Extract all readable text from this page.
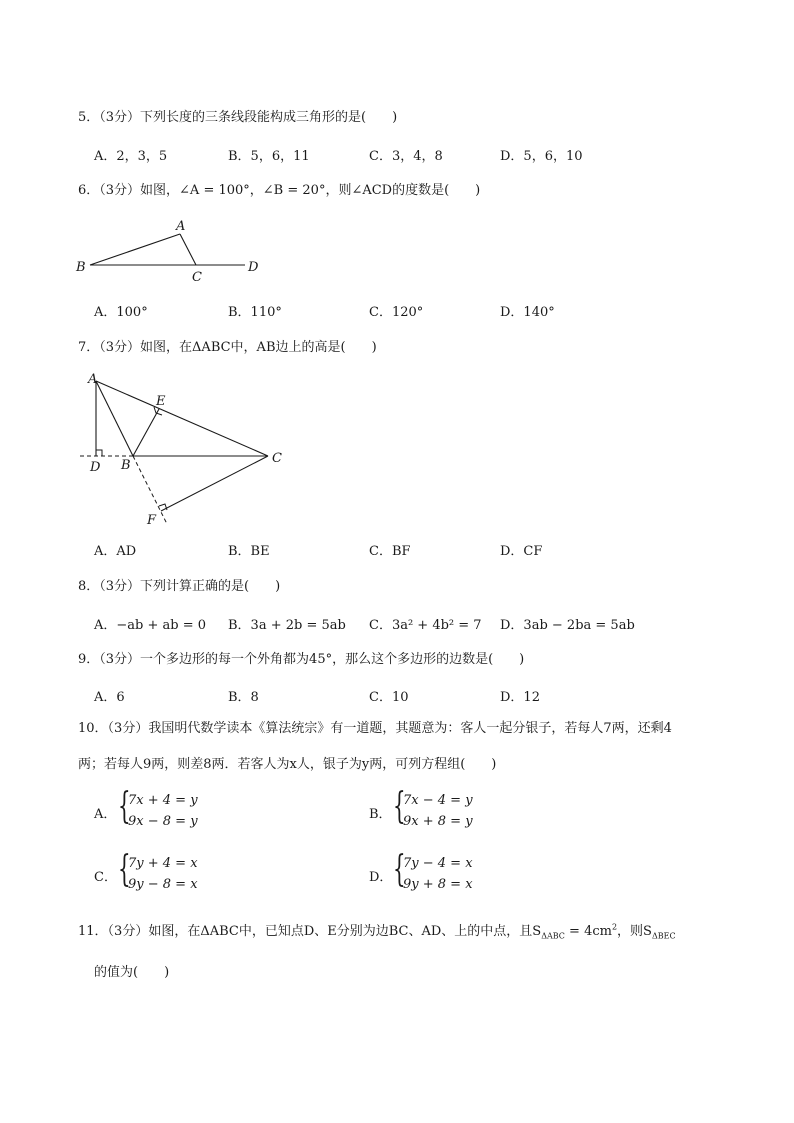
5．（3分）下列长度的三条线段能构成三角形的是(　　)
A．2，3，5	B．5，6，11	C．3，4，8	D．5，6，10
6．（3分）如图，∠A = 100°，∠B = 20°，则∠ACD的度数是(　　)
A
B
C
D
A．100°	B．110°	C．120°	D．140°
7．（3分）如图，在ΔABC中，AB边上的高是(　　)
A
E
D B	C
F
A．AD	B．BE	C．BF	D．CF
8．（3分）下列计算正确的是(　　)
A．−ab + ab = 0 B．3a + 2b = 5ab C．3a² + 4b² = 7 D．3ab − 2ba = 5ab
9．（3分）一个多边形的每一个外角都为45°，那么这个多边形的边数是(　　)
A．6	B．8	C．10	D．12
10．（3分）我国明代数学读本《算法统宗》有一道题，其题意为：客人一起分银子，若每人7两，还剩4
两；若每人9两，则差8两．若客人为x人，银子为y两，可列方程组(　　)
A． {
7x + 4 = y
9x − 8 = y	B． {
7x − 4 = y
9x + 8 = y
C． {
7y + 4 = x
9y − 8 = x	D． {
7y − 4 = x
9y + 8 = x
11．（3分）如图，在ΔABC中，已知点D、E分别为边BC、AD、上的中点，且$S_{\Delta ABC} = 4cm^2$，则$S_{\Delta BEC}$
的值为(　　)
